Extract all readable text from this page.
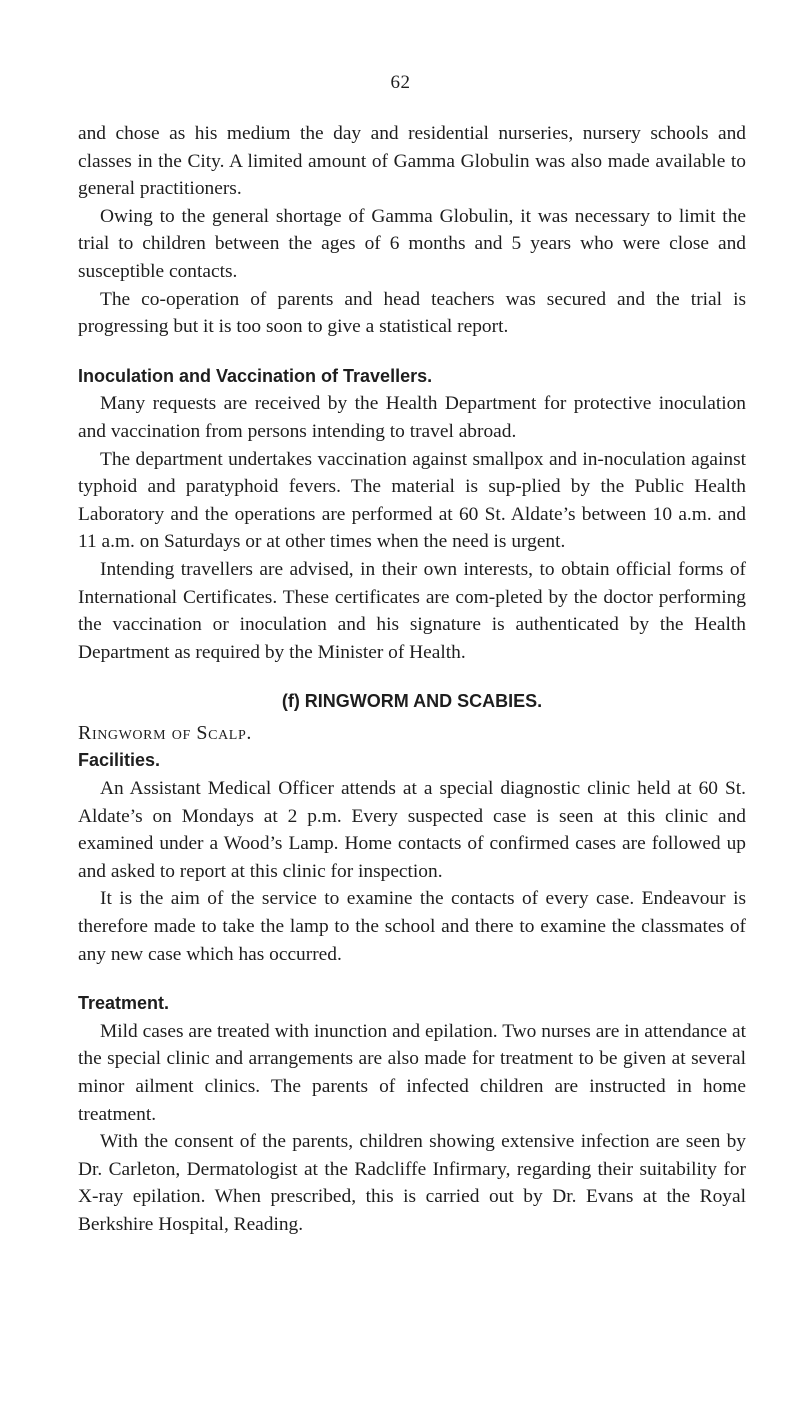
62

and chose as his medium the day and residential nurseries, nursery schools and classes in the City. A limited amount of Gamma Globulin was also made available to general practitioners.

Owing to the general shortage of Gamma Globulin, it was necessary to limit the trial to children between the ages of 6 months and 5 years who were close and susceptible contacts.

The co-operation of parents and head teachers was secured and the trial is progressing but it is too soon to give a statistical report.

Inoculation and Vaccination of Travellers.

Many requests are received by the Health Department for protective inoculation and vaccination from persons intending to travel abroad.

The department undertakes vaccination against smallpox and in-noculation against typhoid and paratyphoid fevers. The material is sup-plied by the Public Health Laboratory and the operations are performed at 60 St. Aldate’s between 10 a.m. and 11 a.m. on Saturdays or at other times when the need is urgent.

Intending travellers are advised, in their own interests, to obtain official forms of International Certificates. These certificates are com-pleted by the doctor performing the vaccination or inoculation and his signature is authenticated by the Health Department as required by the Minister of Health.

(f) RINGWORM AND SCABIES.

Ringworm of Scalp.

Facilities.

An Assistant Medical Officer attends at a special diagnostic clinic held at 60 St. Aldate’s on Mondays at 2 p.m. Every suspected case is seen at this clinic and examined under a Wood’s Lamp. Home contacts of confirmed cases are followed up and asked to report at this clinic for inspection.

It is the aim of the service to examine the contacts of every case. Endeavour is therefore made to take the lamp to the school and there to examine the classmates of any new case which has occurred.

Treatment.

Mild cases are treated with inunction and epilation. Two nurses are in attendance at the special clinic and arrangements are also made for treatment to be given at several minor ailment clinics. The parents of infected children are instructed in home treatment.

With the consent of the parents, children showing extensive infection are seen by Dr. Carleton, Dermatologist at the Radcliffe Infirmary, regarding their suitability for X-ray epilation. When prescribed, this is carried out by Dr. Evans at the Royal Berkshire Hospital, Reading.
